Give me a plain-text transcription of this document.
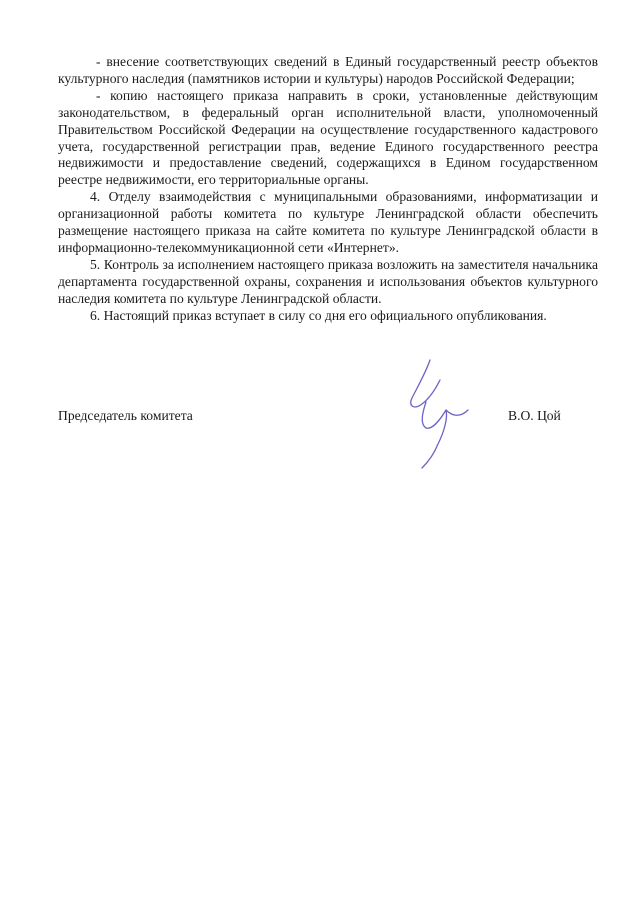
- внесение соответствующих сведений в Единый государственный реестр объектов культурного наследия (памятников истории и культуры) народов Российской Федерации;

- копию настоящего приказа направить в сроки, установленные действующим законодательством, в федеральный орган исполнительной власти, уполномоченный Правительством Российской Федерации на осуществление государственного кадастрового учета, государственной регистрации прав, ведение Единого государственного реестра недвижимости и предоставление сведений, содержащихся в Едином государственном реестре недвижимости, его территориальные органы.

4. Отделу взаимодействия с муниципальными образованиями, информатизации и организационной работы комитета по культуре Ленинградской области обеспечить размещение настоящего приказа на сайте комитета по культуре Ленинградской области в информационно-телекоммуникационной сети «Интернет».

5. Контроль за исполнением настоящего приказа возложить на заместителя начальника департамента государственной охраны, сохранения и использования объектов культурного наследия комитета по культуре Ленинградской области.

6. Настоящий приказ вступает в силу со дня его официального опубликования.

Председатель комитета	В.О. Цой
